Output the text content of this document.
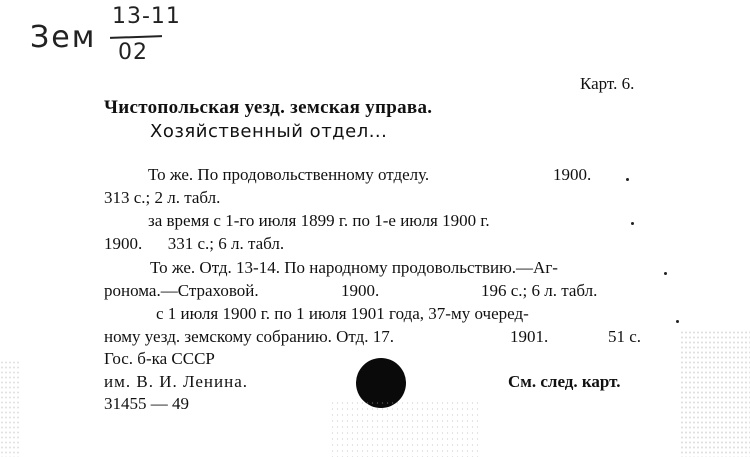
Зем
13-11
02
Карт. 6.
Чистопольская уезд. земская управа.
Хозяйственный отдел...
То же. По продовольственному отделу.	1900.
313 с.; 2 л. табл.
за время с 1-го июля 1899 г. по 1-е июля 1900 г.
1900.      331 с.; 6 л. табл.
То же. Отд. 13-14. По народному продовольствию.—Аг-
ронома.—Страховой.	1900.	196 с.; 6 л. табл.
с 1 июля 1900 г. по 1 июля 1901 года, 37-му очеред-
ному уезд. земскому собранию. Отд. 17.	1901.	51 с.
Гос. б-ка СССР
им. В. И. Ленина.
31455 — 49
См. след. карт.
